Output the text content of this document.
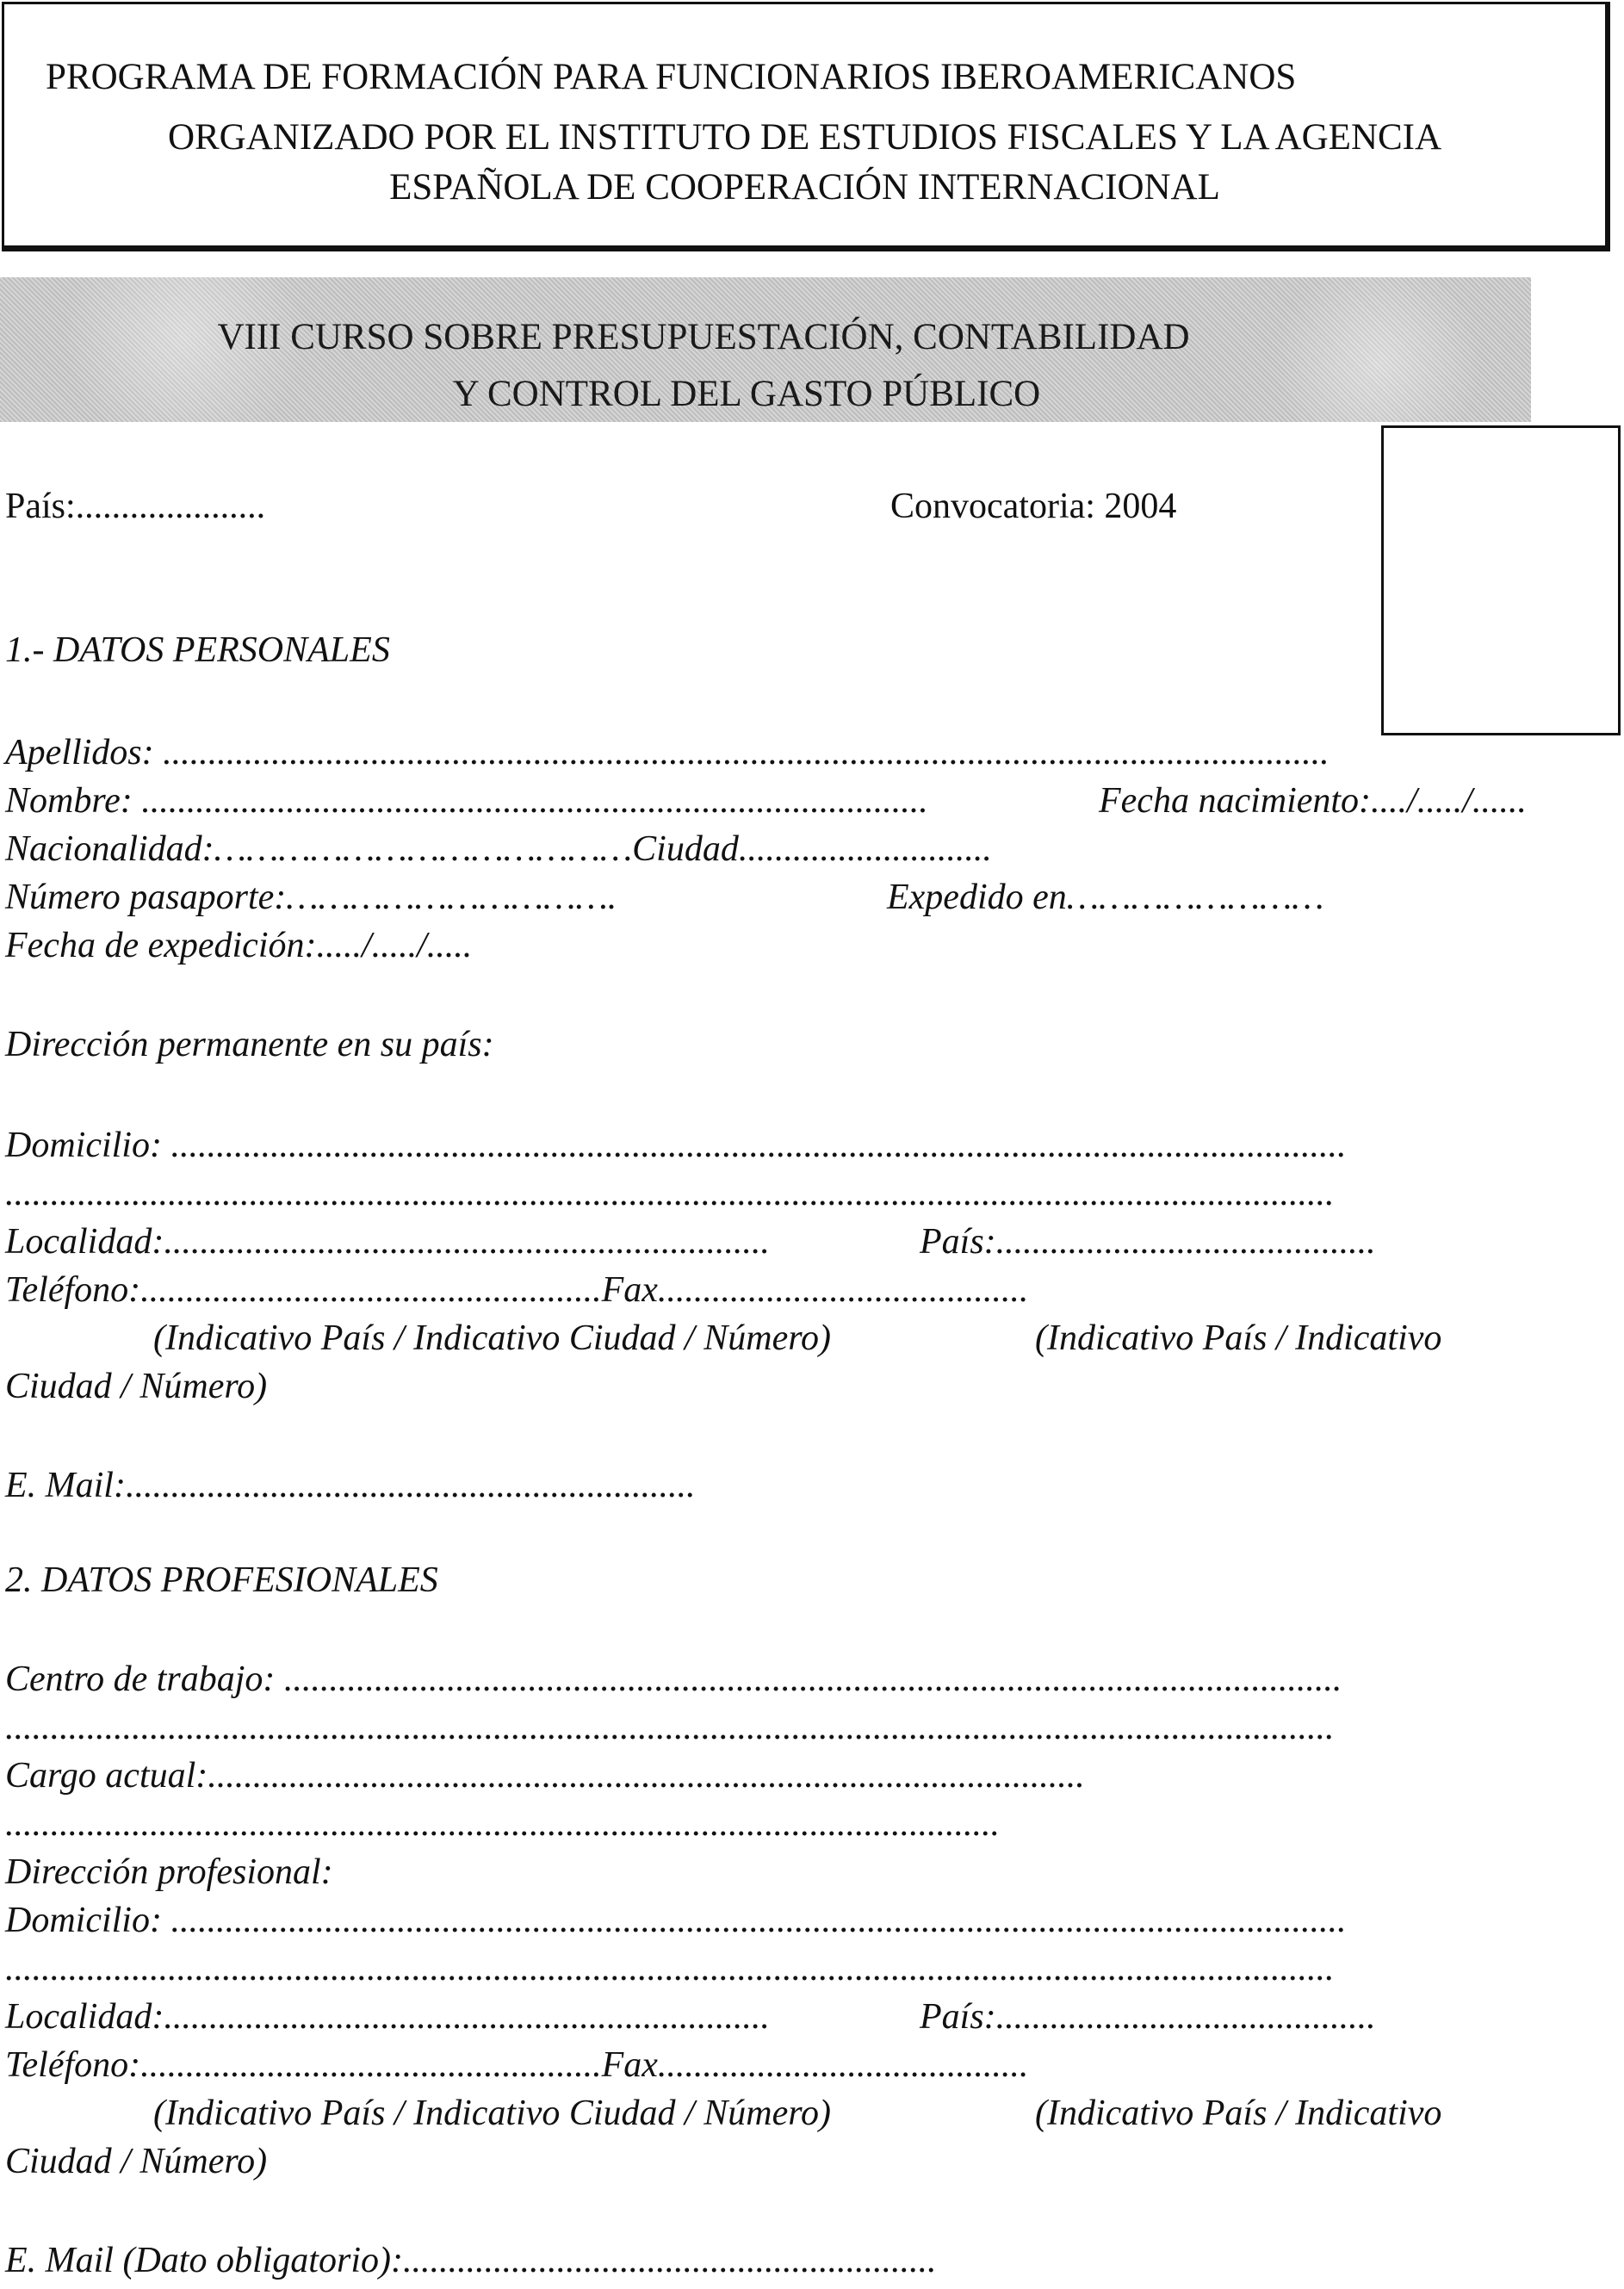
PROGRAMA DE FORMACIÓN PARA FUNCIONARIOS IBEROAMERICANOS
ORGANIZADO POR EL INSTITUTO DE ESTUDIOS FISCALES Y LA AGENCIA
ESPAÑOLA DE COOPERACIÓN INTERNACIONAL
VIII CURSO SOBRE PRESUPUESTACIÓN, CONTABILIDAD
Y CONTROL DEL GASTO PÚBLICO
País:.....................	Convocatoria: 2004
1.- DATOS PERSONALES
Apellidos: .................................................................................................................................
Nombre: .......................................................................................	Fecha nacimiento:..../...../......
Nacionalidad:…………………………………Ciudad............................
Número pasaporte:………………………….	Expedido en……………………
Fecha de expedición:...../...../.....
Dirección permanente en su país:
Domicilio: ..................................................................................................................................
...................................................................................................................................................
Localidad:...................................................................	País:..........................................
Teléfono:...................................................Fax.........................................
(Indicativo País / Indicativo Ciudad / Número)	(Indicativo País / Indicativo
Ciudad / Número)
E. Mail:...............................................................
2. DATOS PROFESIONALES
Centro de trabajo: .....................................................................................................................
...................................................................................................................................................
Cargo actual:.................................................................................................
..............................................................................................................
Dirección profesional:
Domicilio: ..................................................................................................................................
...................................................................................................................................................
Localidad:...................................................................	País:..........................................
Teléfono:...................................................Fax.........................................
(Indicativo País / Indicativo Ciudad / Número)	(Indicativo País / Indicativo
Ciudad / Número)
E. Mail (Dato obligatorio):...........................................................
